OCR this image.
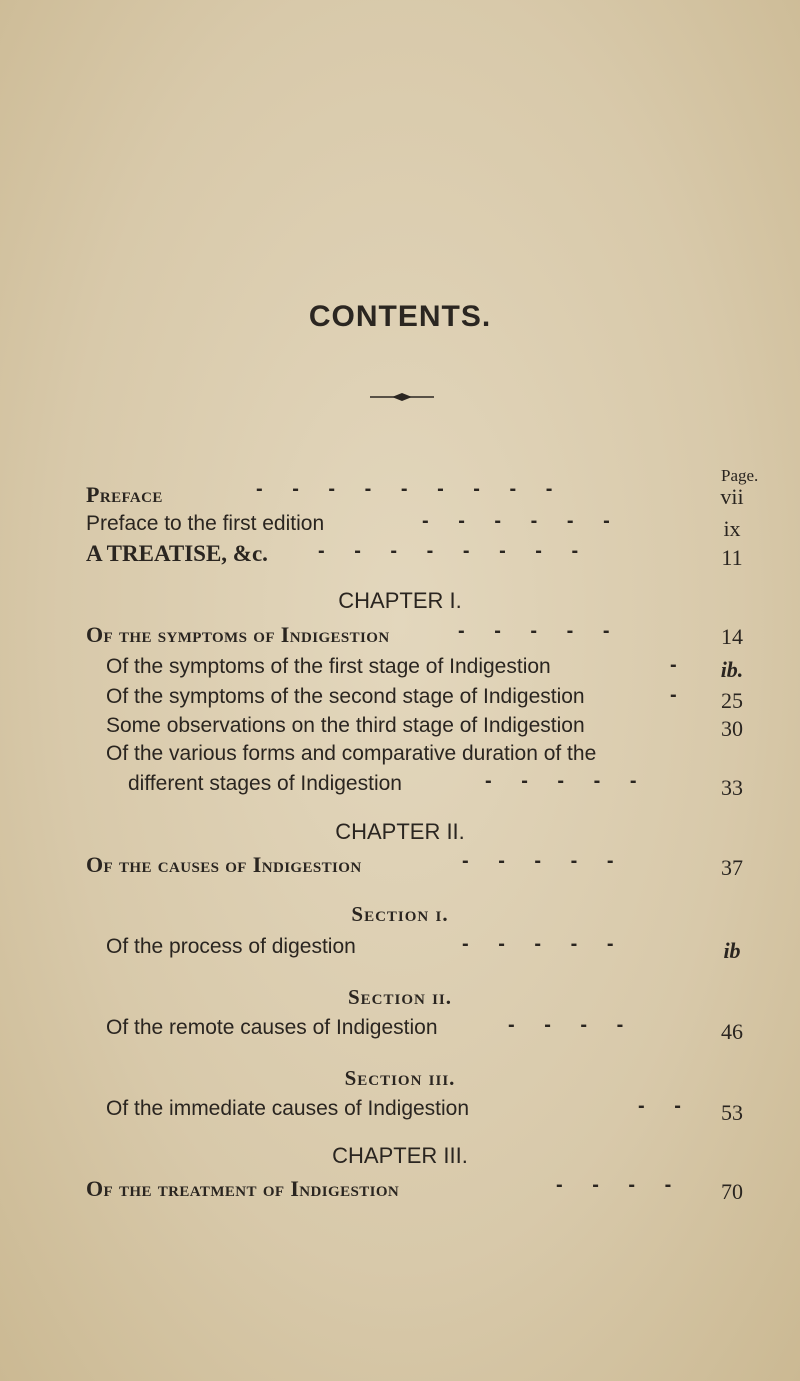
CONTENTS.
Page.
Preface	- - - - - - - - -	vii
Preface to the first edition	- - - - - -	ix
A TREATISE, &c.	- - - - - - - -	11
CHAPTER I.
Of the symptoms of Indigestion	- - - - -	14
Of the symptoms of the first stage of Indigestion	-	ib.
Of the symptoms of the second stage of Indigestion	-	25
Some observations on the third stage of Indigestion	30
Of the various forms and comparative duration of the
different stages of Indigestion	- - - - -	33
CHAPTER II.
Of the causes of Indigestion	- - - - -	37
Section i.
Of the process of digestion	- - - - -	ib
Section ii.
Of the remote causes of Indigestion	- - - -	46
Section iii.
Of the immediate causes of Indigestion	- -	53
CHAPTER III.
Of the treatment of Indigestion	- - - -	70
